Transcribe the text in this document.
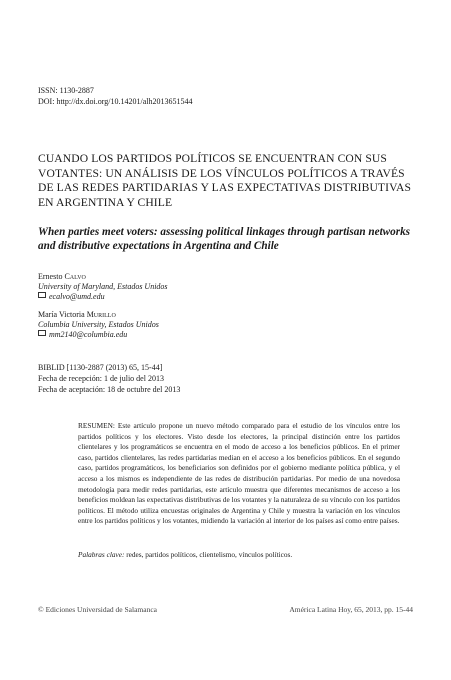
ISSN: 1130-2887
DOI: http://dx.doi.org/10.14201/alh2013651544
CUANDO LOS PARTIDOS POLÍTICOS SE ENCUENTRAN CON SUS VOTANTES: UN ANÁLISIS DE LOS VÍNCULOS POLÍTICOS A TRAVÉS DE LAS REDES PARTIDARIAS Y LAS EXPECTATIVAS DISTRIBUTIVAS EN ARGENTINA Y CHILE
When parties meet voters: assessing political linkages through partisan networks and distributive expectations in Argentina and Chile
Ernesto Calvo
University of Maryland, Estados Unidos
ecalvo@umd.edu
María Victoria Murillo
Columbia University, Estados Unidos
mm2140@columbia.edu
BIBLID [1130-2887 (2013) 65, 15-44]
Fecha de recepción: 1 de julio del 2013
Fecha de aceptación: 18 de octubre del 2013
RESUMEN: Este artículo propone un nuevo método comparado para el estudio de los vínculos entre los partidos políticos y los electores. Visto desde los electores, la principal distinción entre los partidos clientelares y los programáticos se encuentra en el modo de acceso a los beneficios públicos. En el primer caso, partidos clientelares, las redes partidarias median en el acceso a los beneficios públicos. En el segundo caso, partidos programáticos, los beneficiarios son definidos por el gobierno mediante política pública, y el acceso a los mismos es independiente de las redes de distribución partidarias. Por medio de una novedosa metodología para medir redes partidarias, este artículo muestra que diferentes mecanismos de acceso a los beneficios moldean las expectativas distributivas de los votantes y la naturaleza de su vínculo con los partidos políticos. El método utiliza encuestas originales de Argentina y Chile y muestra la variación en los vínculos entre los partidos políticos y los votantes, midiendo la variación al interior de los países así como entre países.
Palabras clave: redes, partidos políticos, clientelismo, vínculos políticos.
© Ediciones Universidad de Salamanca	América Latina Hoy, 65, 2013, pp. 15-44
